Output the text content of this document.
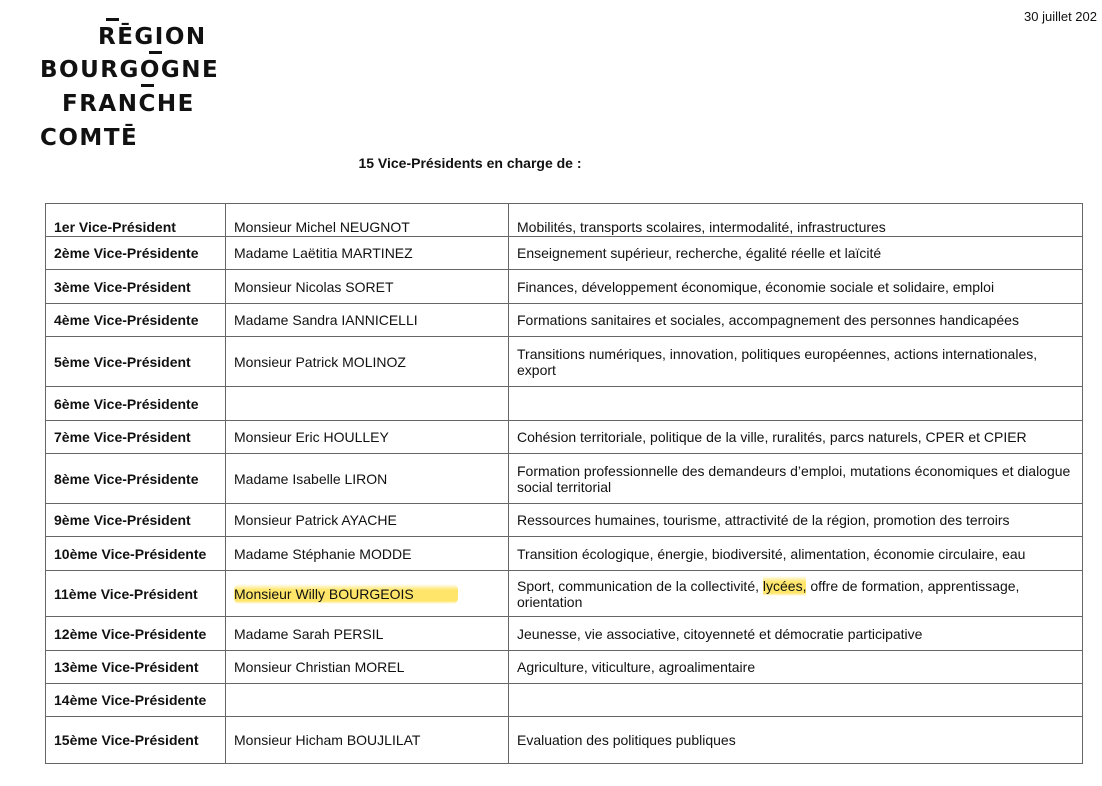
30 juillet 202
RĒGION
BOURGOGNE
FRANCHE
COMTĒ
15 Vice-Présidents en charge de :
1er Vice-Président	Monsieur Michel NEUGNOT	Mobilités, transports scolaires, intermodalité, infrastructures
2ème Vice-Présidente	Madame Laëtitia MARTINEZ	Enseignement supérieur, recherche, égalité réelle et laïcité
3ème Vice-Président	Monsieur Nicolas SORET	Finances, développement économique, économie sociale et solidaire, emploi
4ème Vice-Présidente	Madame Sandra IANNICELLI	Formations sanitaires et sociales, accompagnement des personnes handicapées
5ème Vice-Président	Monsieur Patrick MOLINOZ	Transitions numériques, innovation, politiques européennes, actions internationales, export
6ème Vice-Présidente		
7ème Vice-Président	Monsieur Eric HOULLEY	Cohésion territoriale, politique de la ville, ruralités, parcs naturels, CPER et CPIER
8ème Vice-Présidente	Madame Isabelle LIRON	Formation professionnelle des demandeurs d’emploi, mutations économiques et dialogue social territorial
9ème Vice-Président	Monsieur Patrick AYACHE	Ressources humaines, tourisme, attractivité de la région, promotion des terroirs
10ème Vice-Présidente	Madame Stéphanie MODDE	Transition écologique, énergie, biodiversité, alimentation, économie circulaire, eau
11ème Vice-Président	Monsieur Willy BOURGEOIS	Sport, communication de la collectivité, lycées, offre de formation, apprentissage, orientation
12ème Vice-Présidente	Madame Sarah PERSIL	Jeunesse, vie associative, citoyenneté et démocratie participative
13ème Vice-Président	Monsieur Christian MOREL	Agriculture, viticulture, agroalimentaire
14ème Vice-Présidente		
15ème Vice-Président	Monsieur Hicham BOUJLILAT	Evaluation des politiques publiques
